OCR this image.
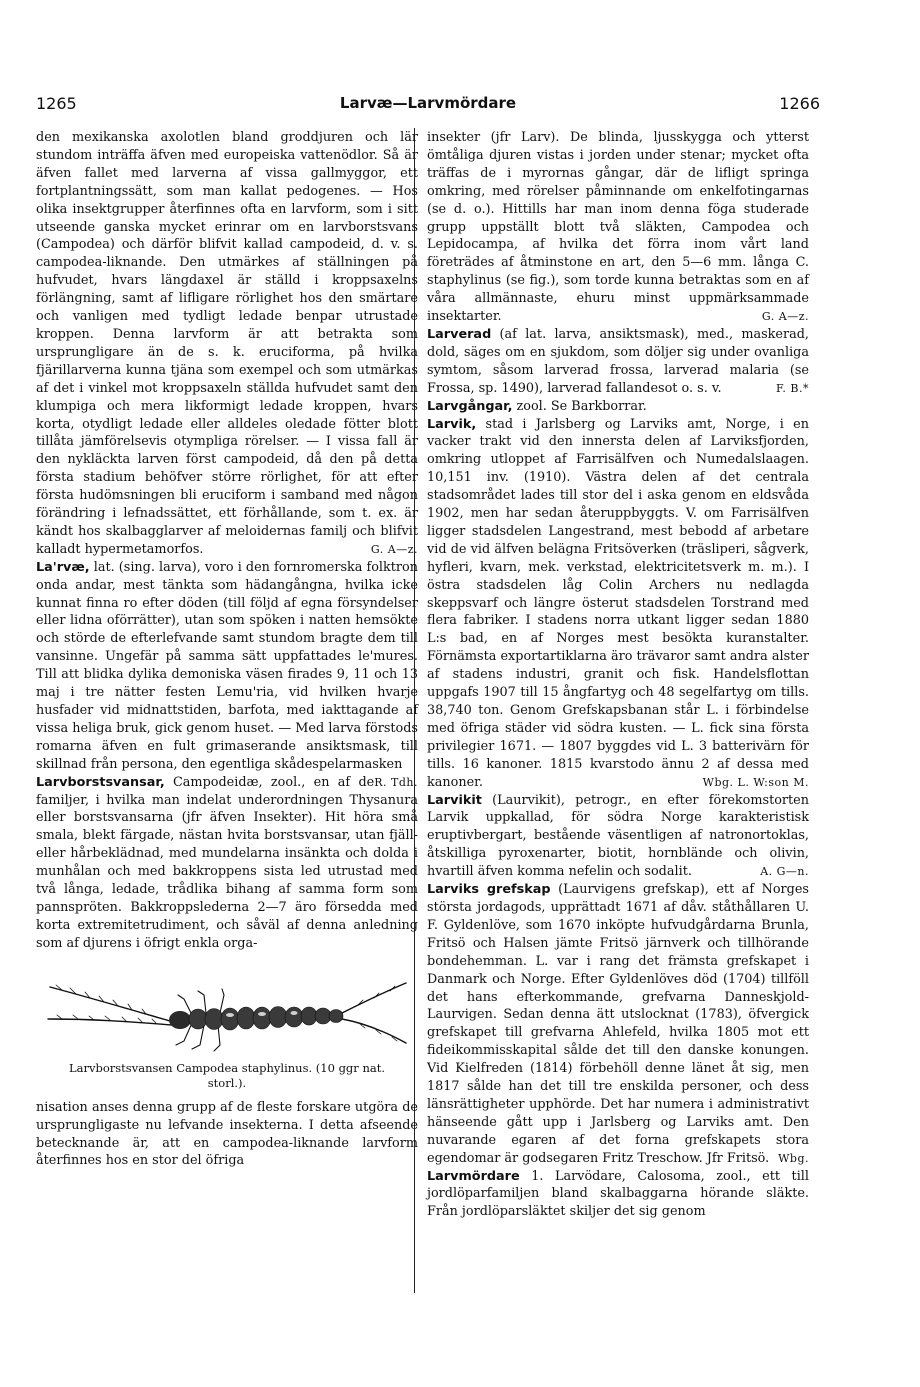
1265	Larvæ—Larvmördare	1266

den mexikanska axolotlen bland groddjuren och lär stundom inträffa äfven med europeiska vattenödlor. Så är äfven fallet med larverna af vissa gallmyggor, ett fortplantningssätt, som man kallat pedogenes. — Hos olika insektgrupper återfinnes ofta en larvform, som i sitt utseende ganska mycket erinrar om en larvborstsvans (Campodea) och därför blifvit kallad campodeid, d. v. s. campodea-liknande. Den utmärkes af ställningen på hufvudet, hvars längdaxel är ställd i kroppsaxelns förlängning, samt af lifligare rörlighet hos den smärtare och vanligen med tydligt ledade benpar utrustade kroppen. Denna larvform är att betrakta som ursprungligare än de s. k. eruciforma, på hvilka fjärillarverna kunna tjäna som exempel och som utmärkas af det i vinkel mot kroppsaxeln ställda hufvudet samt den klumpiga och mera likformigt ledade kroppen, hvars korta, otydligt ledade eller alldeles oledade fötter blott tillåta jämförelsevis otympliga rörelser. — I vissa fall är den nykläckta larven först campodeid, då den på detta första stadium behöfver större rörlighet, för att efter första hudömsningen bli eruciform i samband med någon förändring i lefnadssättet, ett förhållande, som t. ex. är kändt hos skalbagglarver af meloidernas familj och blifvit kalladt hypermetamorfos.	G. A—z.

La'rvæ, lat. (sing. larva), voro i den fornromerska folktron onda andar, mest tänkta som hädangångna, hvilka icke kunnat finna ro efter döden (till följd af egna försyndelser eller lidna oförrätter), utan som spöken i natten hemsökte och störde de efterlefvande samt stundom bragte dem till vansinne. Ungefär på samma sätt uppfattades le'mures. Till att blidka dylika demoniska väsen firades 9, 11 och 13 maj i tre nätter festen Lemu'ria, vid hvilken hvarje husfader vid midnattstiden, barfota, med iakttagande af vissa heliga bruk, gick genom huset. — Med larva förstods romarna äfven en fult grimaserande ansiktsmask, till skillnad från persona, den egentliga skådespelarmasken
R. Tdh.

Larvborstsvansar, Campodeidæ, zool., en af de familjer, i hvilka man indelat underordningen Thysanura eller borstsvansarna (jfr äfven Insekter). Hit höra små smala, blekt färgade, nästan hvita borstsvansar, utan fjäll- eller hårbeklädnad, med mundelarna insänkta och dolda i munhålan och med bakkroppens sista led utrustad med två långa, ledade, trådlika bihang af samma form som pannspröten. Bakkroppslederna 2—7 äro försedda med korta extremitetrudiment, och såväl af denna anledning som af djurens i öfrigt enkla orga-

Larvborstsvansen Campodea staphylinus. (10 ggr nat. storl.).

nisation anses denna grupp af de fleste forskare utgöra de ursprungligaste nu lefvande insekterna. I detta afseende betecknande är, att en campodea-liknande larvform återfinnes hos en stor del öfriga

insekter (jfr Larv). De blinda, ljusskygga och ytterst ömtåliga djuren vistas i jorden under stenar; mycket ofta träffas de i myrornas gångar, där de lifligt springa omkring, med rörelser påminnande om enkelfotingarnas (se d. o.). Hittills har man inom denna föga studerade grupp uppställt blott två släkten, Campodea och Lepidocampa, af hvilka det förra inom vårt land företrädes af åtminstone en art, den 5—6 mm. långa C. staphylinus (se fig.), som torde kunna betraktas som en af våra allmännaste, ehuru minst uppmärksammade insektarter.	G. A—z.

Larverad (af lat. larva, ansiktsmask), med., maskerad, dold, säges om en sjukdom, som döljer sig under ovanliga symtom, såsom larverad frossa, larverad malaria (se Frossa, sp. 1490), larverad fallandesot o. s. v.	F. B.*

Larvgångar, zool. Se Barkborrar.

Larvik, stad i Jarlsberg og Larviks amt, Norge, i en vacker trakt vid den innersta delen af Larviksfjorden, omkring utloppet af Farrisälfven och Numedalslaagen. 10,151 inv. (1910). Västra delen af det centrala stadsområdet lades till stor del i aska genom en eldsvåda 1902, men har sedan återuppbyggts. V. om Farrisälfven ligger stadsdelen Langestrand, mest bebodd af arbetare vid de vid älfven belägna Fritsöverken (träsliperi, sågverk, hyfleri, kvarn, mek. verkstad, elektricitetsverk m. m.). I östra stadsdelen låg Colin Archers nu nedlagda skeppsvarf och längre österut stadsdelen Torstrand med flera fabriker. I stadens norra utkant ligger sedan 1880 L:s bad, en af Norges mest besökta kuranstalter. Förnämsta exportartiklarna äro trävaror samt andra alster af stadens industri, granit och fisk. Handelsflottan uppgafs 1907 till 15 ångfartyg och 48 segelfartyg om tills. 38,740 ton. Genom Grefskapsbanan står L. i förbindelse med öfriga städer vid södra kusten. — L. fick sina första privilegier 1671. — 1807 byggdes vid L. 3 batterivärn för tills. 16 kanoner. 1815 kvarstodo ännu 2 af dessa med kanoner.	Wbg. L. W:son M.

Larvikit (Laurvikit), petrogr., en efter förekomstorten Larvik uppkallad, för södra Norge karakteristisk eruptivbergart, bestående väsentligen af natronortoklas, åtskilliga pyroxenarter, biotit, hornblände och olivin, hvartill äfven komma nefelin och sodalit.	A. G—n.

Larviks grefskap (Laurvigens grefskap), ett af Norges största jordagods, upprättadt 1671 af dåv. ståthållaren U. F. Gyldenlöve, som 1670 inköpte hufvudgårdarna Brunla, Fritsö och Halsen jämte Fritsö järnverk och tillhörande bondehemman. L. var i rang det främsta grefskapet i Danmark och Norge. Efter Gyldenlöves död (1704) tillföll det hans efterkommande, grefvarna Danneskjold-Laurvigen. Sedan denna ätt utslocknat (1783), öfvergick grefskapet till grefvarna Ahlefeld, hvilka 1805 mot ett fideikommisskapital sålde det till den danske konungen. Vid Kielfreden (1814) förbehöll denne länet åt sig, men 1817 sålde han det till tre enskilda personer, och dess länsrättigheter upphörde. Det har numera i administrativt hänseende gått upp i Jarlsberg og Larviks amt. Den nuvarande egaren af det forna grefskapets stora egendomar är godsegaren Fritz Treschow. Jfr Fritsö. Wbg.

Larvmördare 1. Larvödare, Calosoma, zool., ett till jordlöparfamiljen bland skalbaggarna hörande släkte. Från jordlöparsläktet skiljer det sig genom
